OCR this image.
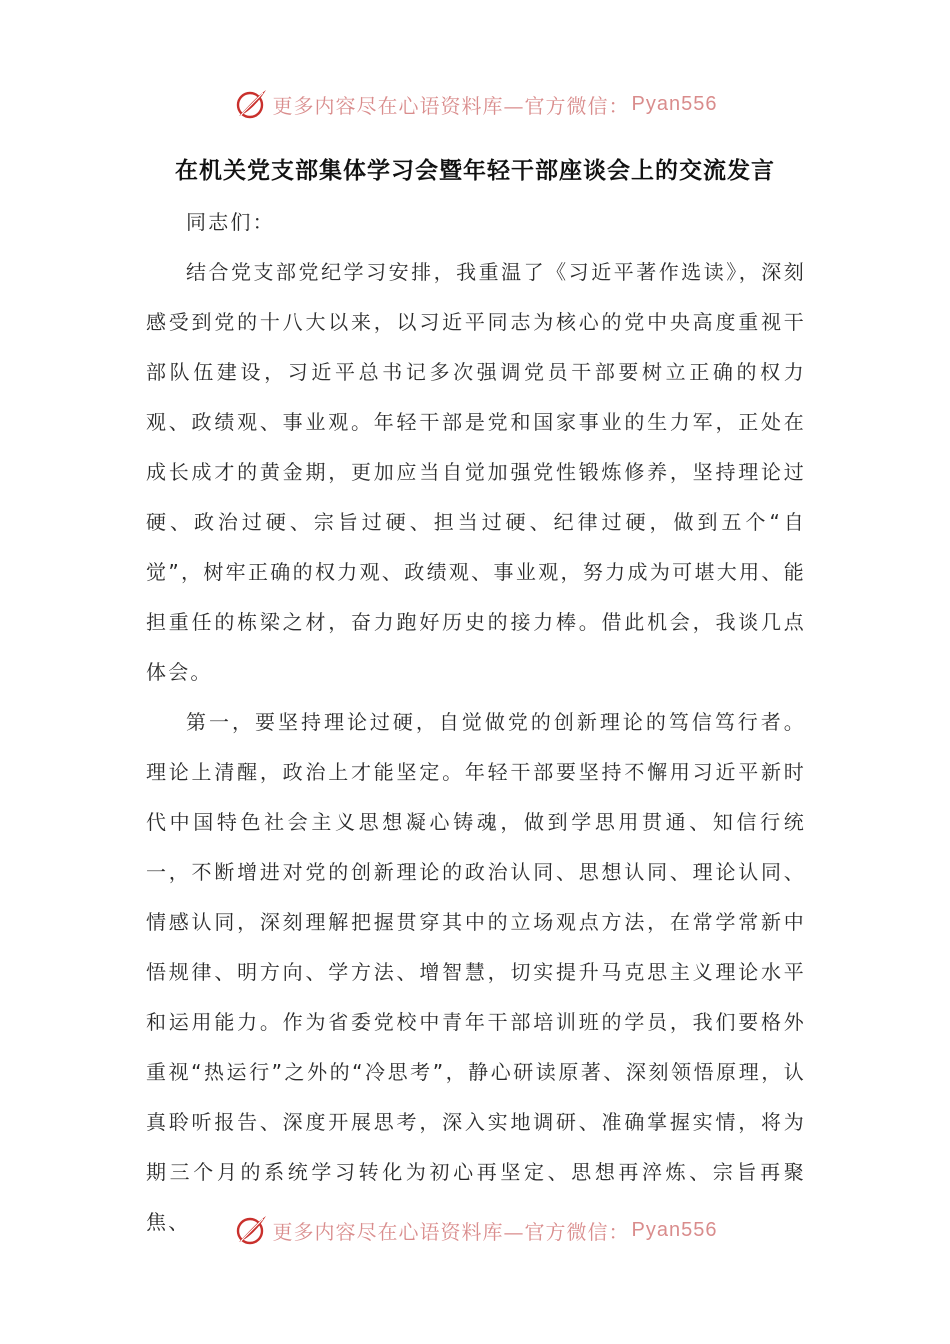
更多内容尽在心语资料库—官方微信： Pyan556
在机关党支部集体学习会暨年轻干部座谈会上的交流发言

同志们：

结合党支部党纪学习安排，我重温了《习近平著作选读》，深刻感受到党的十八大以来，以习近平同志为核心的党中央高度重视干部队伍建设，习近平总书记多次强调党员干部要树立正确的权力观、政绩观、事业观。年轻干部是党和国家事业的生力军，正处在成长成才的黄金期，更加应当自觉加强党性锻炼修养，坚持理论过硬、政治过硬、宗旨过硬、担当过硬、纪律过硬，做到五个“自觉”，树牢正确的权力观、政绩观、事业观，努力成为可堪大用、能担重任的栋梁之材，奋力跑好历史的接力棒。借此机会，我谈几点体会。

第一，要坚持理论过硬，自觉做党的创新理论的笃信笃行者。理论上清醒，政治上才能坚定。年轻干部要坚持不懈用习近平新时代中国特色社会主义思想凝心铸魂，做到学思用贯通、知信行统一，不断增进对党的创新理论的政治认同、思想认同、理论认同、情感认同，深刻理解把握贯穿其中的立场观点方法，在常学常新中悟规律、明方向、学方法、增智慧，切实提升马克思主义理论水平和运用能力。作为省委党校中青年干部培训班的学员，我们要格外重视“热运行”之外的“冷思考”，静心研读原著、深刻领悟原理，认真聆听报告、深度开展思考，深入实地调研、准确掌握实情，将为期三个月的系统学习转化为初心再坚定、思想再淬炼、宗旨再聚焦、	更多内容尽在心语资料库—官方微信： Pyan556
